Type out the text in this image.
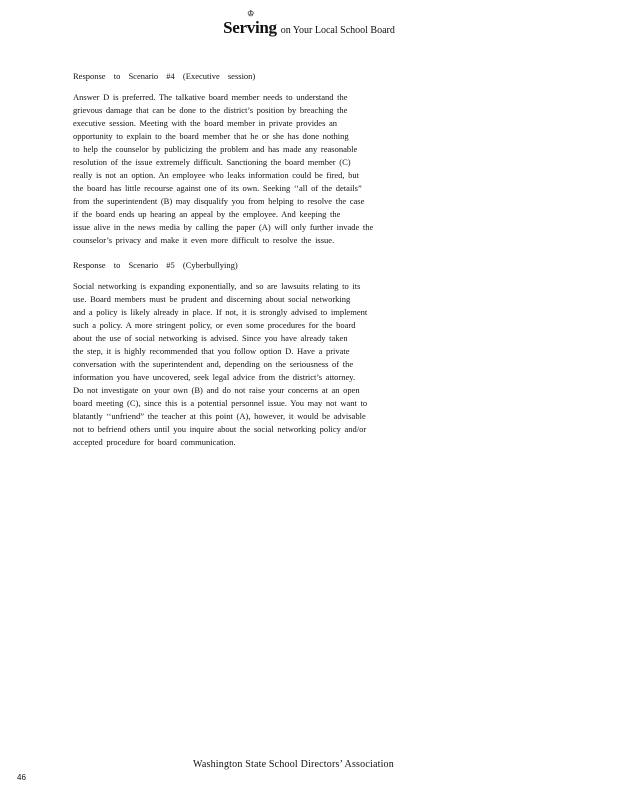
♔
Serving on Your Local School Board
Response to Scenario #4 (Executive session)
Answer D is preferred. The talkative board member needs to understand the
grievous damage that can be done to the district’s position by breaching the
executive session. Meeting with the board member in private provides an
opportunity to explain to the board member that he or she has done nothing
to help the counselor by publicizing the problem and has made any reasonable
resolution of the issue extremely difficult. Sanctioning the board member (C)
really is not an option. An employee who leaks information could be fired, but
the board has little recourse against one of its own. Seeking ‘‘all of the details”
from the superintendent (B) may disqualify you from helping to resolve the case
if the board ends up hearing an appeal by the employee. And keeping the
issue alive in the news media by calling the paper (A) will only further invade the
counselor’s privacy and make it even more difficult to resolve the issue.
Response to Scenario #5 (Cyberbullying)
Social networking is expanding exponentially, and so are lawsuits relating to its
use. Board members must be prudent and discerning about social networking
and a policy is likely already in place. If not, it is strongly advised to implement
such a policy. A more stringent policy, or even some procedures for the board
about the use of social networking is advised. Since you have already taken
the step, it is highly recommended that you follow option D. Have a private
conversation with the superintendent and, depending on the seriousness of the
information you have uncovered, seek legal advice from the district’s attorney.
Do not investigate on your own (B) and do not raise your concerns at an open
board meeting (C), since this is a potential personnel issue. You may not want to
blatantly ‘‘unfriend” the teacher at this point (A), however, it would be advisable
not to befriend others until you inquire about the social networking policy and/or
accepted procedure for board communication.
Washington State School Directors’ Association
46
